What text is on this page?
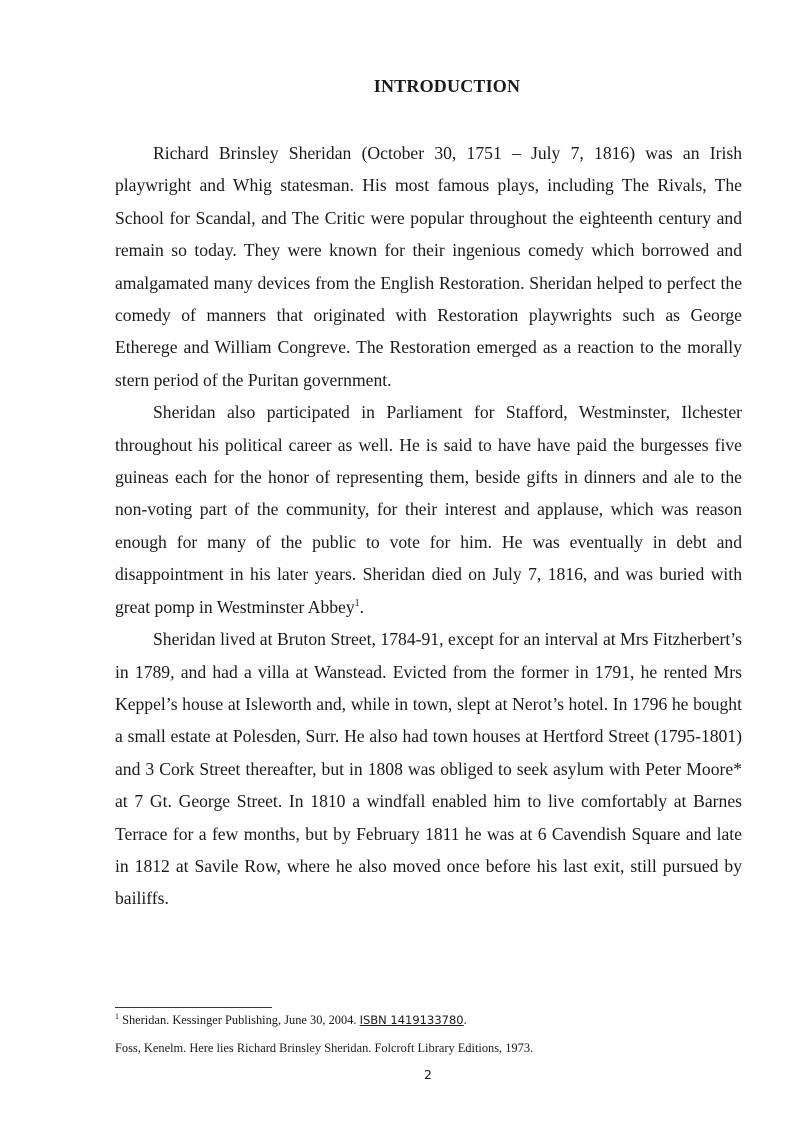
INTRODUCTION

Richard Brinsley Sheridan (October 30, 1751 – July 7, 1816) was an Irish playwright and Whig statesman. His most famous plays, including The Rivals, The School for Scandal, and The Critic were popular throughout the eighteenth century and remain so today. They were known for their ingenious comedy which borrowed and amalgamated many devices from the English Restoration. Sheridan helped to perfect the comedy of manners that originated with Restoration playwrights such as George Etherege and William Congreve. The Restoration emerged as a reaction to the morally stern period of the Puritan government.

Sheridan also participated in Parliament for Stafford, Westminster, Ilchester throughout his political career as well. He is said to have have paid the burgesses five guineas each for the honor of representing them, beside gifts in dinners and ale to the non-voting part of the community, for their interest and applause, which was reason enough for many of the public to vote for him. He was eventually in debt and disappointment in his later years. Sheridan died on July 7, 1816, and was buried with great pomp in Westminster Abbey$^1$.

Sheridan lived at Bruton Street, 1784-91, except for an interval at Mrs Fitzherbert’s in 1789, and had a villa at Wanstead. Evicted from the former in 1791, he rented Mrs Keppel’s house at Isleworth and, while in town, slept at Nerot’s hotel. In 1796 he bought a small estate at Polesden, Surr. He also had town houses at Hertford Street (1795-1801) and 3 Cork Street thereafter, but in 1808 was obliged to seek asylum with Peter Moore* at 7 Gt. George Street. In 1810 a windfall enabled him to live comfortably at Barnes Terrace for a few months, but by February 1811 he was at 6 Cavendish Square and late in 1812 at Savile Row, where he also moved once before his last exit, still pursued by bailiffs.

$^1$ Sheridan. Kessinger Publishing, June 30, 2004. ISBN 1419133780.

Foss, Kenelm. Here lies Richard Brinsley Sheridan. Folcroft Library Editions, 1973.

2
